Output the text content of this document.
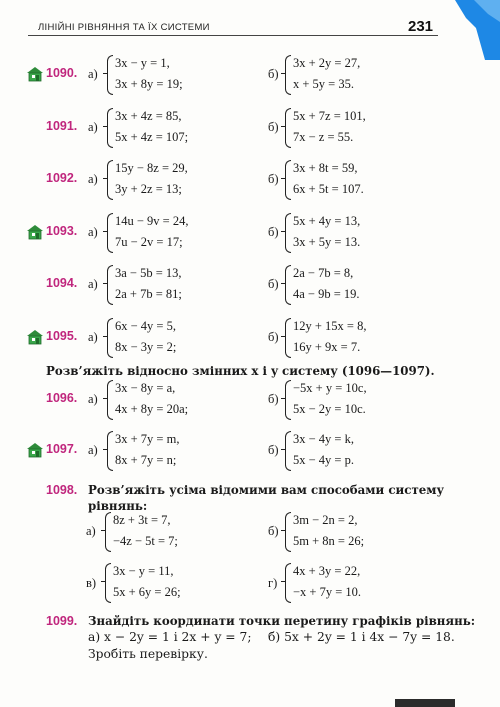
ЛІНІЙНІ РІВНЯННЯ ТА ЇХ СИСТЕМИ	231
1090. а)
3x − y = 1,
3x + 8y = 19;
б)
3x + 2y = 27,
x + 5y = 35.
1091. а)
3x + 4z = 85,
5x + 4z = 107;
б)
5x + 7z = 101,
7x − z = 55.
1092. а)
15y − 8z = 29,
3y + 2z = 13;
б)
3x + 8t = 59,
6x + 5t = 107.
1093. а)
14u − 9v = 24,
7u − 2v = 17;
б)
5x + 4y = 13,
3x + 5y = 13.
1094. а)
3a − 5b = 13,
2a + 7b = 81;
б)
2a − 7b = 8,
4a − 9b = 19.
1095. а)
6x − 4y = 5,
8x − 3y = 2;
б)
12y + 15x = 8,
16y + 9x = 7.
Розв’яжіть відносно змінних x і y систему (1096—1097).
1096. а)
3x − 8y = a,
4x + 8y = 20a;
б)
−5x + y = 10c,
5x − 2y = 10c.
1097. а)
3x + 7y = m,
8x + 7y = n;
б)
3x − 4y = k,
5x − 4y = p.
1098. Розв’яжіть усіма відомими вам способами систему
рівнянь:
а)
8z + 3t = 7,
−4z − 5t = 7;
б)
3m − 2n = 2,
5m + 8n = 26;
в)
3x − y = 11,
5x + 6y = 26;
г)
4x + 3y = 22,
−x + 7y = 10.
1099. Знайдіть координати точки перетину графіків рівнянь:
а) x − 2y = 1 і 2x + y = 7; б) 5x + 2y = 1 і 4x − 7y = 18.
Зробіть перевірку.
